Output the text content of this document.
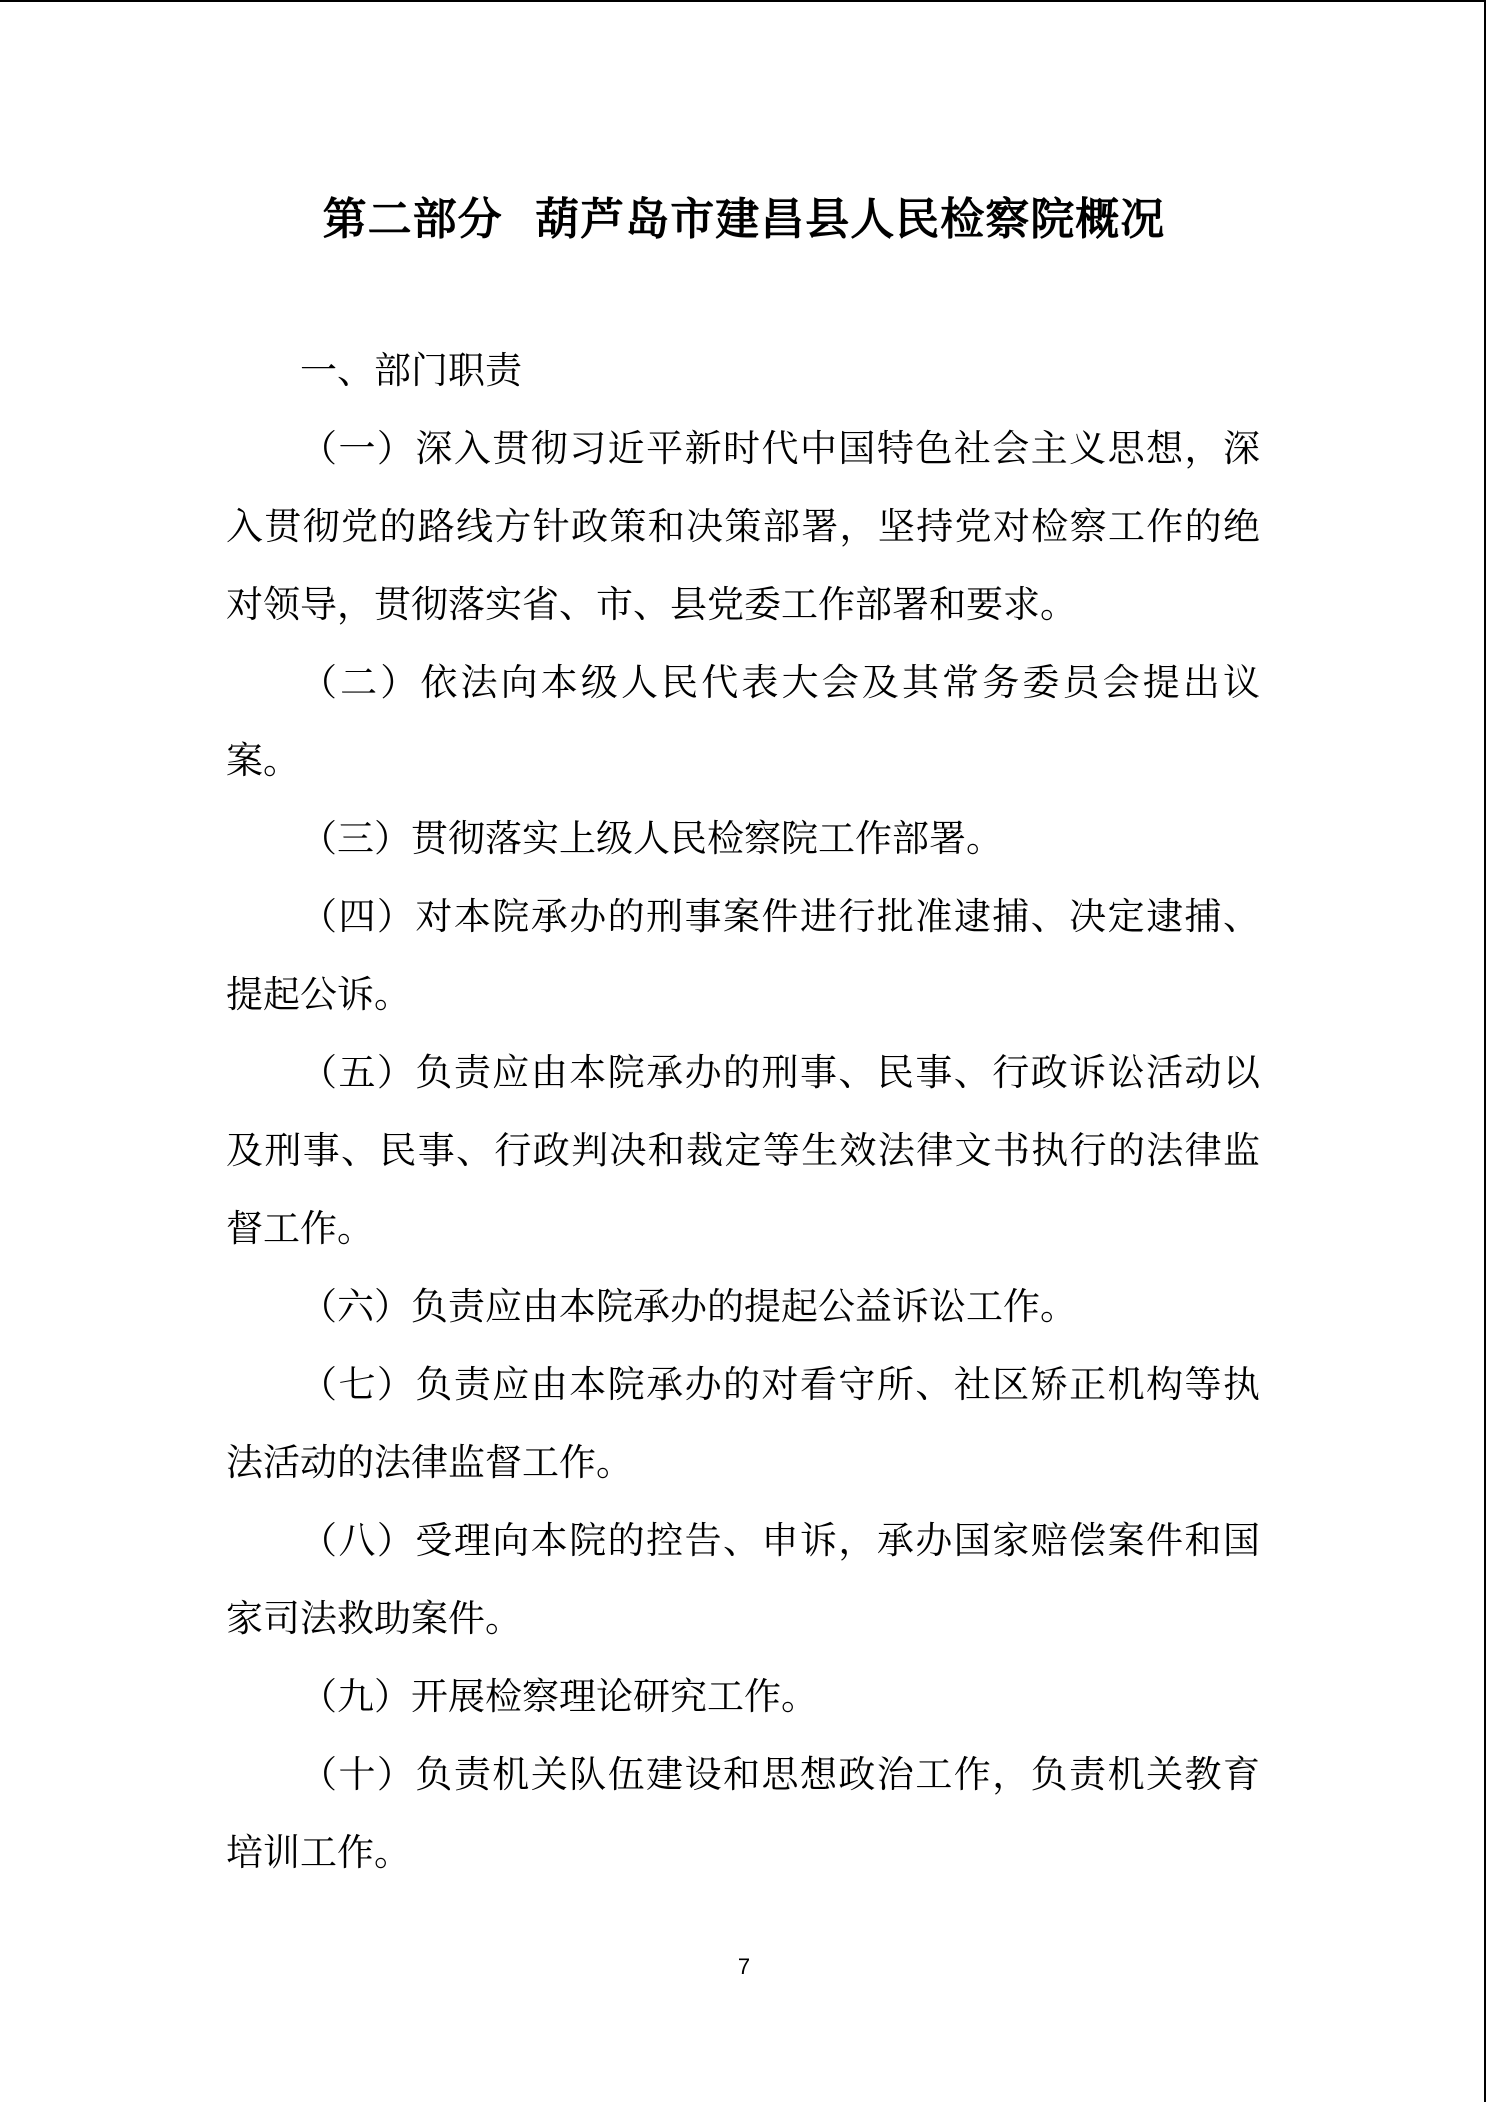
第二部分  葫芦岛市建昌县人民检察院概况

一、部门职责

（一）深入贯彻习近平新时代中国特色社会主义思想，深入贯彻党的路线方针政策和决策部署，坚持党对检察工作的绝对领导，贯彻落实省、市、县党委工作部署和要求。

（二）依法向本级人民代表大会及其常务委员会提出议案。

（三）贯彻落实上级人民检察院工作部署。

（四）对本院承办的刑事案件进行批准逮捕、决定逮捕、提起公诉。

（五）负责应由本院承办的刑事、民事、行政诉讼活动以及刑事、民事、行政判决和裁定等生效法律文书执行的法律监督工作。

（六）负责应由本院承办的提起公益诉讼工作。

（七）负责应由本院承办的对看守所、社区矫正机构等执法活动的法律监督工作。

（八）受理向本院的控告、申诉，承办国家赔偿案件和国家司法救助案件。

（九）开展检察理论研究工作。

（十）负责机关队伍建设和思想政治工作，负责机关教育培训工作。

7
